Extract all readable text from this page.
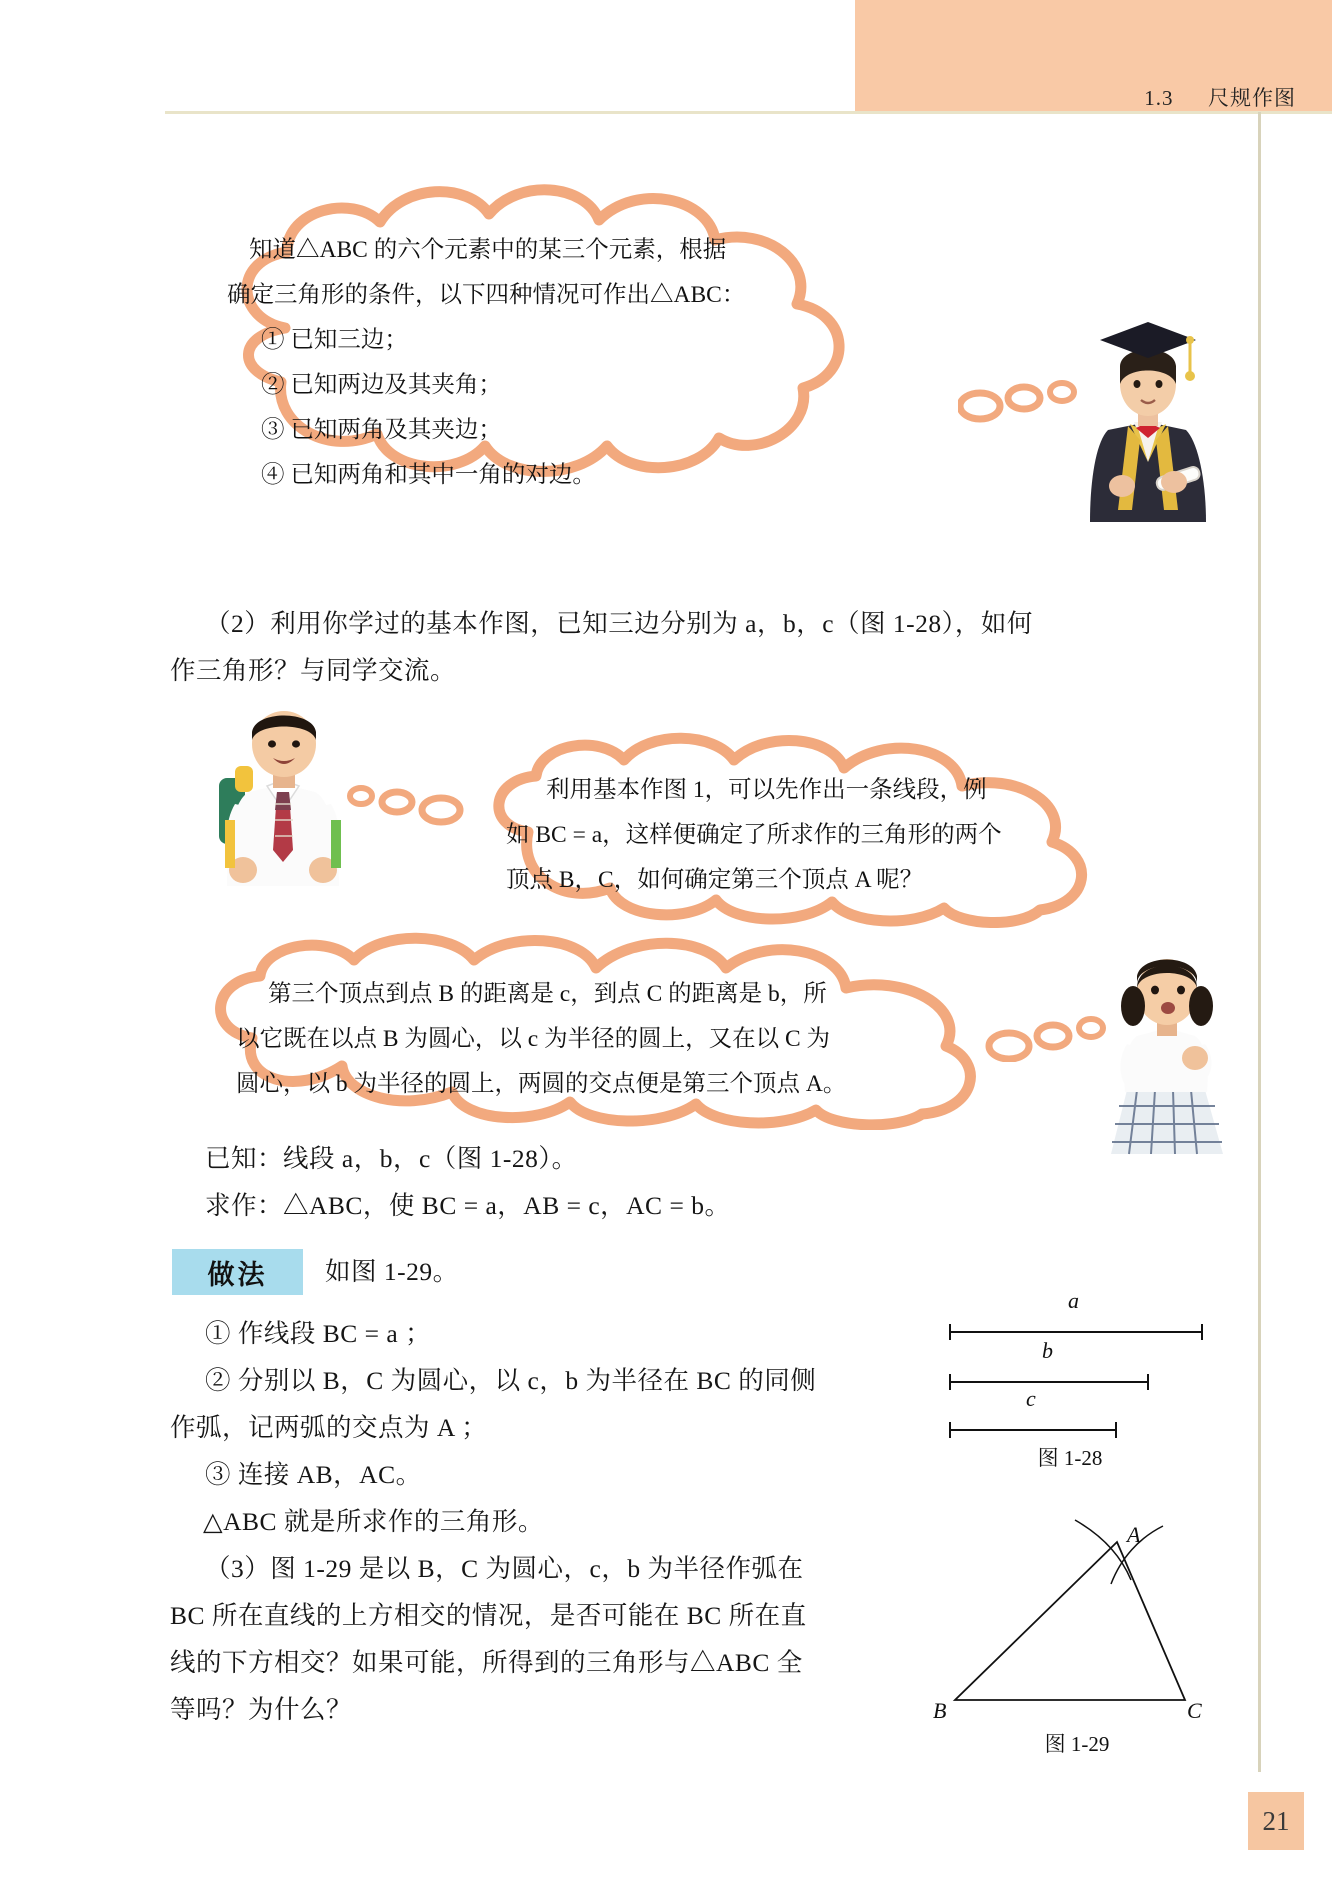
1.3 尺规作图

知道△ABC 的六个元素中的某三个元素，根据

确定三角形的条件，以下四种情况可作出△ABC：

① 已知三边；

② 已知两边及其夹角；

③ 已知两角及其夹边；

④ 已知两角和其中一角的对边。

（2）利用你学过的基本作图，已知三边分别为 a，b，c（图 1-28），如何
作三角形？与同学交流。

利用基本作图 1，可以先作出一条线段，例

如 BC = a，这样便确定了所求作的三角形的两个

顶点 B，C，如何确定第三个顶点 A 呢？

第三个顶点到点 B 的距离是 c，到点 C 的距离是 b，所

以它既在以点 B 为圆心，以 c 为半径的圆上，又在以 C 为

圆心，以 b 为半径的圆上，两圆的交点便是第三个顶点 A。

已知：线段 a，b，c（图 1-28）。
求作：△ABC，使 BC = a，AB = c，AC = b。
做法	如图 1-29。
① 作线段 BC = a ；
② 分别以 B，C 为圆心，以 c，b 为半径在 BC 的同侧
作弧，记两弧的交点为 A ；
③ 连接 AB，AC。
△ABC 就是所求作的三角形。
（3）图 1-29 是以 B，C 为圆心，c，b 为半径作弧在
BC 所在直线的上方相交的情况，是否可能在 BC 所在直
线的下方相交？如果可能，所得到的三角形与△ABC 全
等吗？为什么？
a
b
c
图 1-28
A
B	C
图 1-29
21
